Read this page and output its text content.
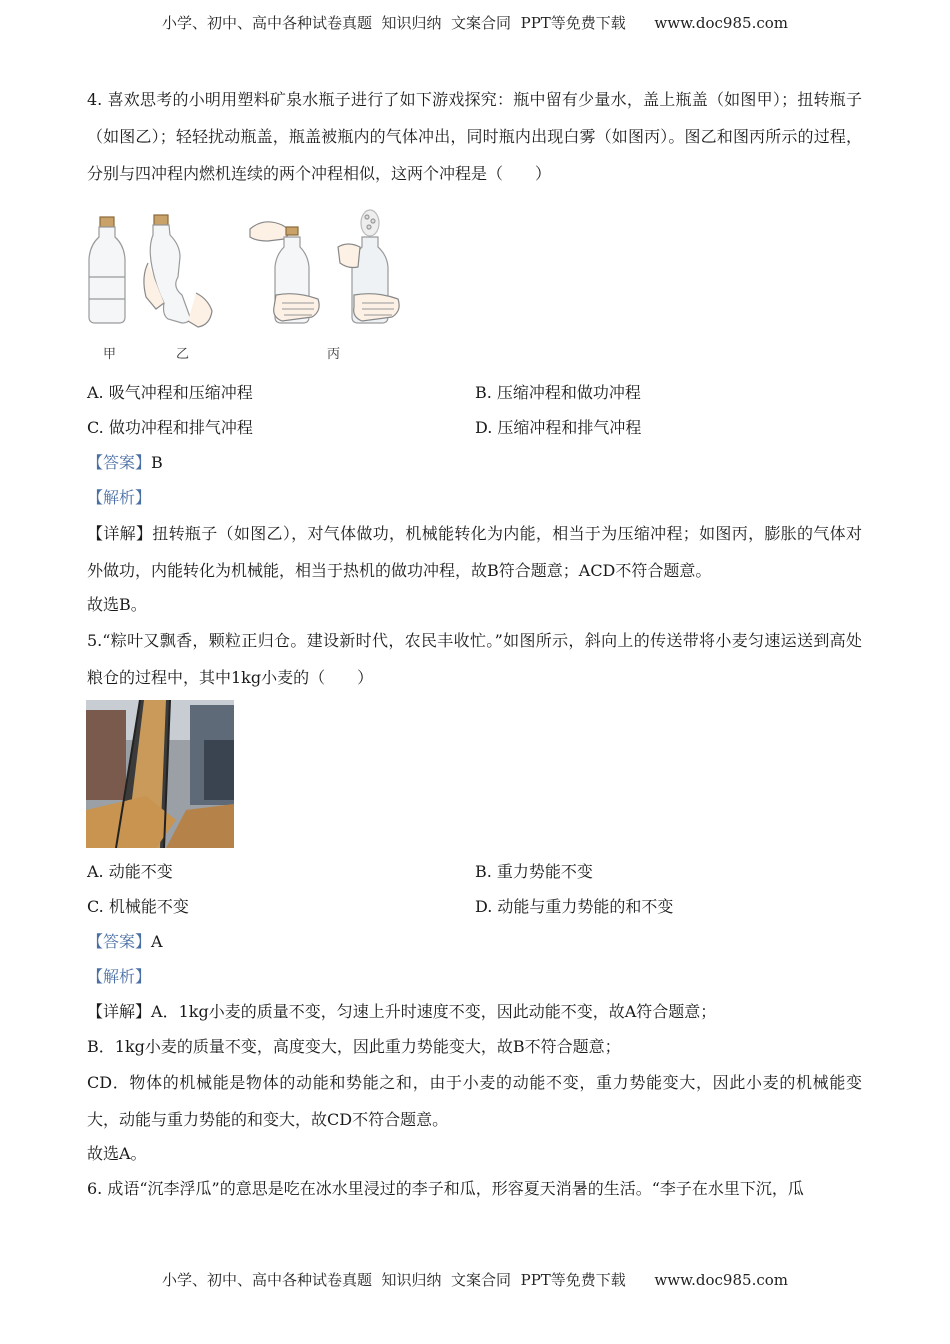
小学、初中、高中各种试卷真题  知识归纳  文案合同  PPT等免费下载      www.doc985.com
4. 喜欢思考的小明用塑料矿泉水瓶子进行了如下游戏探究：瓶中留有少量水，盖上瓶盖（如图甲）；扭转瓶子（如图乙）；轻轻扰动瓶盖，瓶盖被瓶内的气体冲出，同时瓶内出现白雾（如图丙）。图乙和图丙所示的过程，分别与四冲程内燃机连续的两个冲程相似，这两个冲程是（　　）
甲	乙	丙
A. 吸气冲程和压缩冲程	B. 压缩冲程和做功冲程
C. 做功冲程和排气冲程	D. 压缩冲程和排气冲程
【答案】B
【解析】
【详解】扭转瓶子（如图乙），对气体做功，机械能转化为内能，相当于为压缩冲程；如图丙，膨胀的气体对外做功，内能转化为机械能，相当于热机的做功冲程，故B符合题意；ACD不符合题意。
故选B。
5.“粽叶又飘香，颗粒正归仓。建设新时代，农民丰收忙。”如图所示，斜向上的传送带将小麦匀速运送到高处粮仓的过程中，其中1kg小麦的（　　）
A. 动能不变	B. 重力势能不变
C. 机械能不变	D. 动能与重力势能的和不变
【答案】A
【解析】
【详解】A．1kg小麦的质量不变，匀速上升时速度不变，因此动能不变，故A符合题意；
B．1kg小麦的质量不变，高度变大，因此重力势能变大，故B不符合题意；
CD．物体的机械能是物体的动能和势能之和，由于小麦的动能不变，重力势能变大，因此小麦的机械能变大，动能与重力势能的和变大，故CD不符合题意。
故选A。
6. 成语“沉李浮瓜”的意思是吃在冰水里浸过的李子和瓜，形容夏天消暑的生活。“李子在水里下沉，瓜
小学、初中、高中各种试卷真题  知识归纳  文案合同  PPT等免费下载      www.doc985.com
